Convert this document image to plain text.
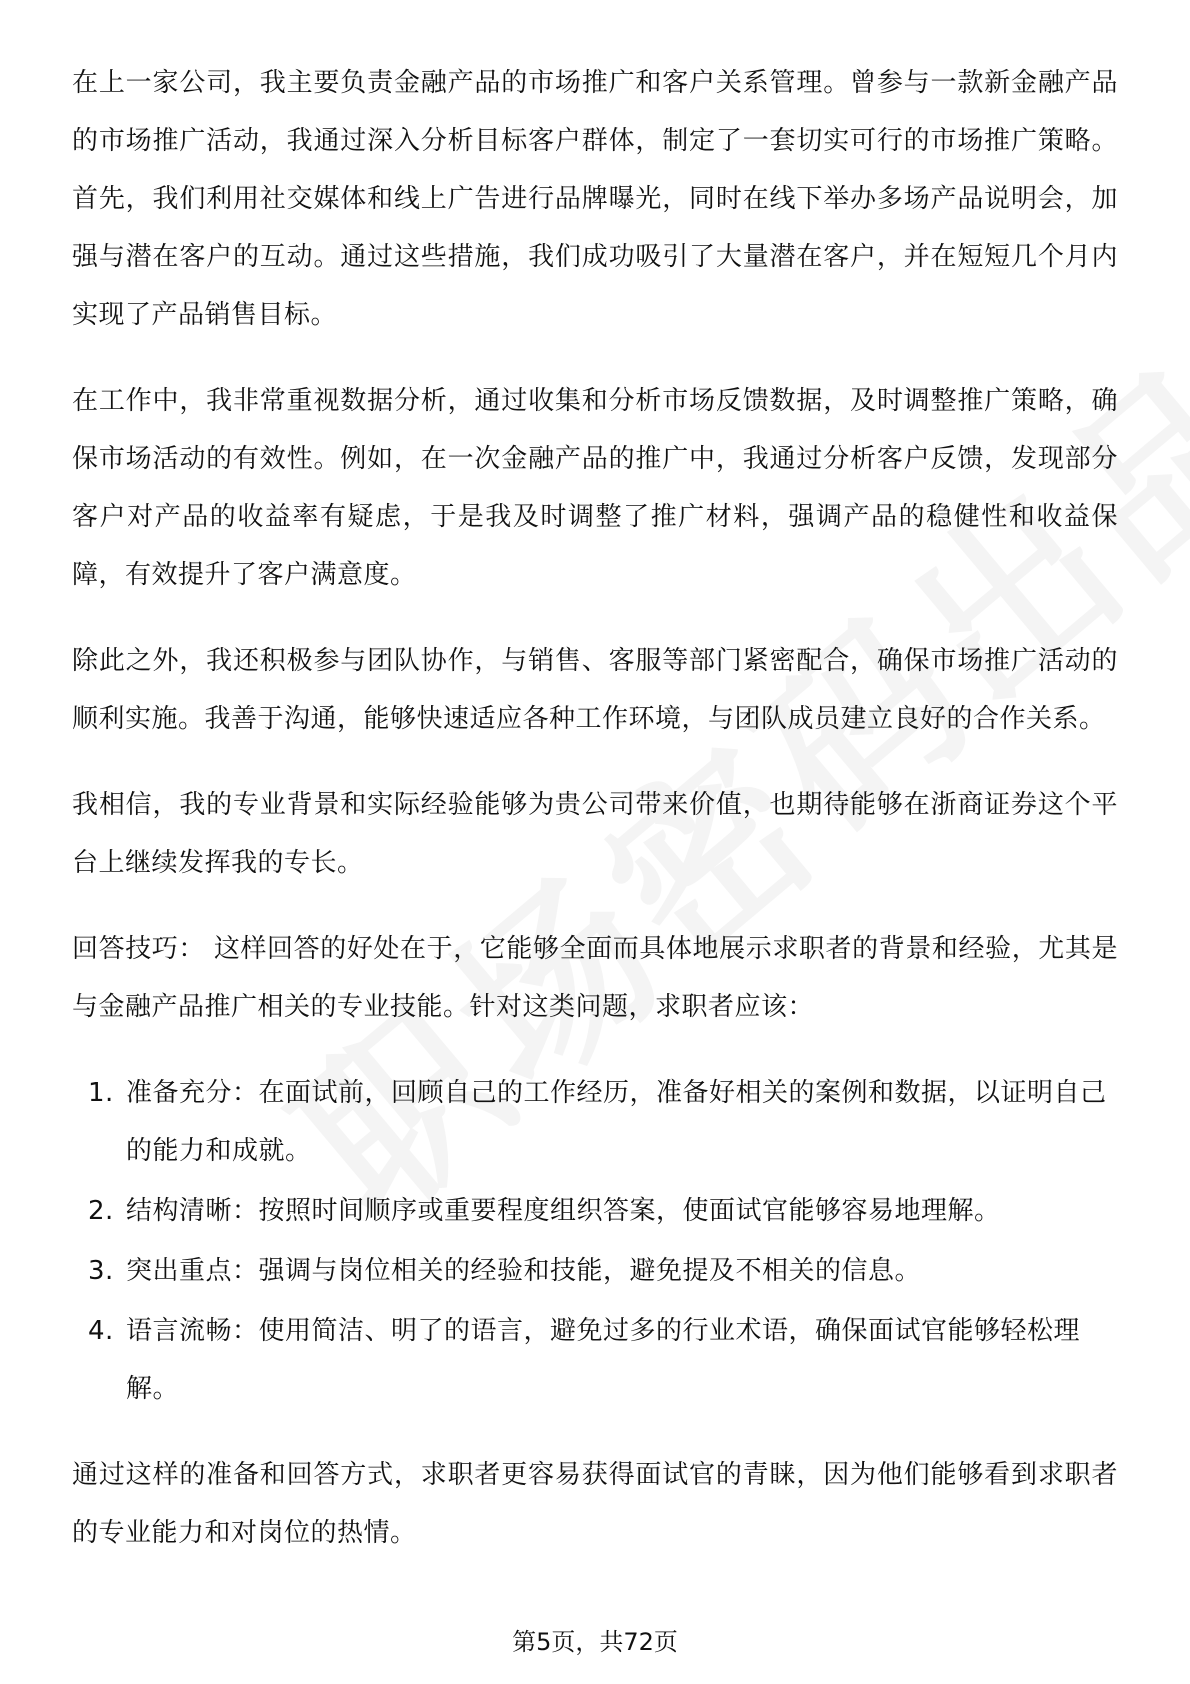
在上一家公司，我主要负责金融产品的市场推广和客户关系管理。曾参与一款新金融产品的市场推广活动，我通过深入分析目标客户群体，制定了一套切实可行的市场推广策略。首先，我们利用社交媒体和线上广告进行品牌曝光，同时在线下举办多场产品说明会，加强与潜在客户的互动。通过这些措施，我们成功吸引了大量潜在客户，并在短短几个月内实现了产品销售目标。

在工作中，我非常重视数据分析，通过收集和分析市场反馈数据，及时调整推广策略，确保市场活动的有效性。例如，在一次金融产品的推广中，我通过分析客户反馈，发现部分客户对产品的收益率有疑虑，于是我及时调整了推广材料，强调产品的稳健性和收益保障，有效提升了客户满意度。

除此之外，我还积极参与团队协作，与销售、客服等部门紧密配合，确保市场推广活动的顺利实施。我善于沟通，能够快速适应各种工作环境，与团队成员建立良好的合作关系。

我相信，我的专业背景和实际经验能够为贵公司带来价值，也期待能够在浙商证券这个平台上继续发挥我的专长。

回答技巧： 这样回答的好处在于，它能够全面而具体地展示求职者的背景和经验，尤其是与金融产品推广相关的专业技能。针对这类问题，求职者应该：

1. 准备充分：在面试前，回顾自己的工作经历，准备好相关的案例和数据，以证明自己的能力和成就。
2. 结构清晰：按照时间顺序或重要程度组织答案，使面试官能够容易地理解。
3. 突出重点：强调与岗位相关的经验和技能，避免提及不相关的信息。
4. 语言流畅：使用简洁、明了的语言，避免过多的行业术语，确保面试官能够轻松理解。

通过这样的准备和回答方式，求职者更容易获得面试官的青睐，因为他们能够看到求职者的专业能力和对岗位的热情。

第5页，共72页
